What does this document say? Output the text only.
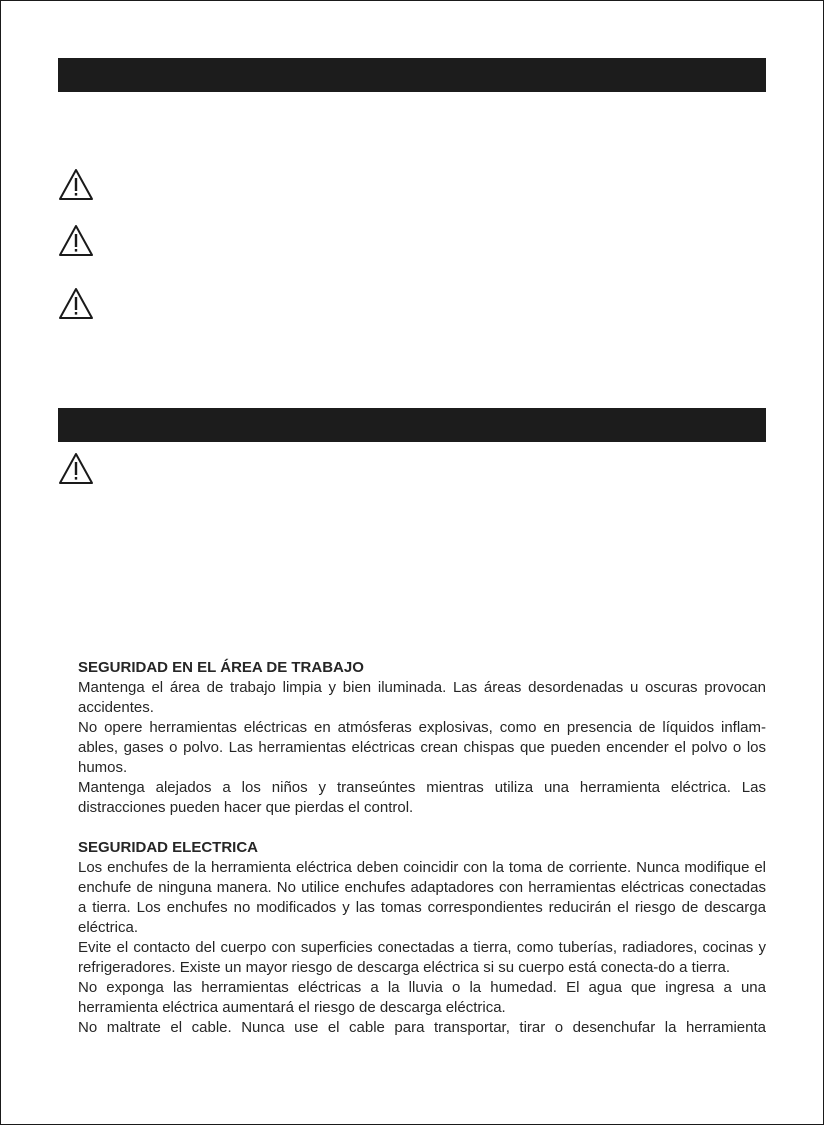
SEGURIDAD EN EL ÁREA DE TRABAJO

Mantenga el área de trabajo limpia y bien iluminada. Las áreas desordenadas u oscuras provocan accidentes.

No opere herramientas eléctricas en atmósferas explosivas, como en presencia de líquidos inflam-ables, gases o polvo. Las herramientas eléctricas crean chispas que pueden encender el polvo o los humos.

Mantenga alejados a los niños y transeúntes mientras utiliza una herramienta eléctrica. Las distracciones pueden hacer que pierdas el control.

SEGURIDAD ELECTRICA

Los enchufes de la herramienta eléctrica deben coincidir con la toma de corriente. Nunca modifique el enchufe de ninguna manera. No utilice enchufes adaptadores con herramientas eléctricas conectadas a tierra. Los enchufes no modificados y las tomas correspondientes reducirán el riesgo de descarga eléctrica.

Evite el contacto del cuerpo con superficies conectadas a tierra, como tuberías, radiadores, cocinas y refrigeradores. Existe un mayor riesgo de descarga eléctrica si su cuerpo está conecta-do a tierra.

No exponga las herramientas eléctricas a la lluvia o la humedad. El agua que ingresa a una herramienta eléctrica aumentará el riesgo de descarga eléctrica.

No maltrate el cable. Nunca use el cable para transportar, tirar o desenchufar la herramienta
